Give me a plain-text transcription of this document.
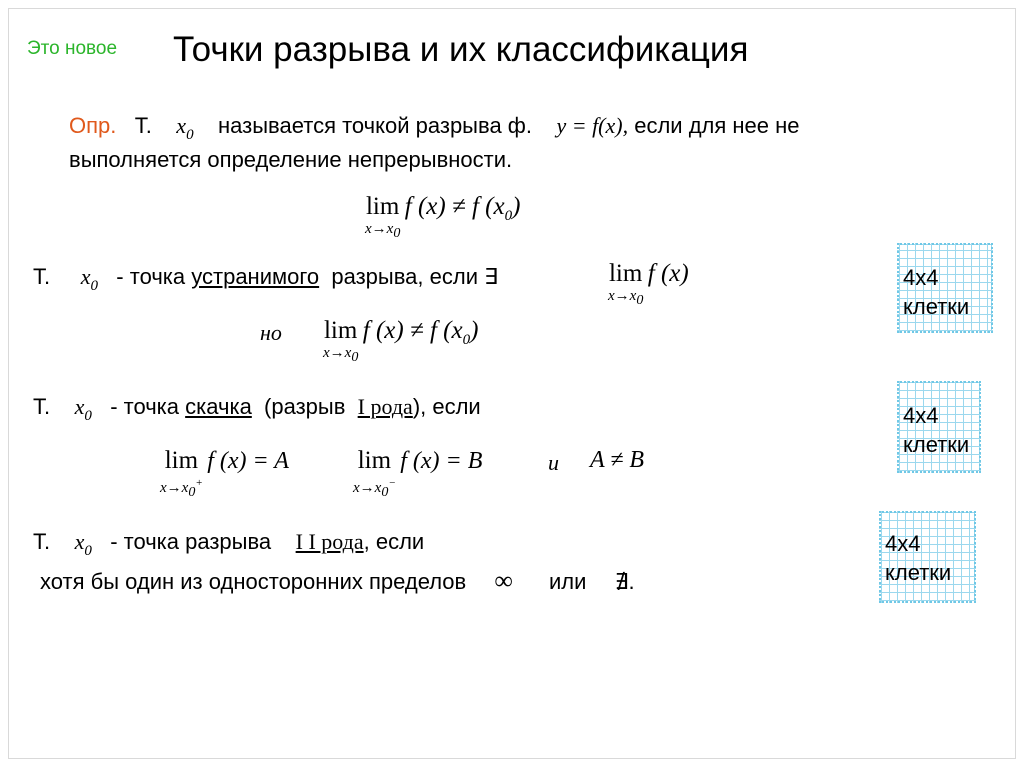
Это новое Точки разрыва и их классификация
Опр. Т. $x_0$ называется точкой разрыва ф. y = f(x), если для нее не
выполняется определение непрерывности.
lim
x→x0
f (x) ≠ f $(x_0)$
Т. $x_0$ - точка устранимого разрыва, если ∃	lim
x→x0
f (x)
но lim
x→x0
f (x) ≠ f $(x_0)$
Т. $x_0$ - точка скачка (разрыв I рода), если
lim
x→x0+
f (x) = A	lim
x→x0−
f (x) = B	и A ≠ B
Т. $x_0$ - точка разрыва I I рода, если
хотя бы один из односторонних пределов ∞ или ∄.
4x4
клетки
4x4
клетки
4x4
клетки
